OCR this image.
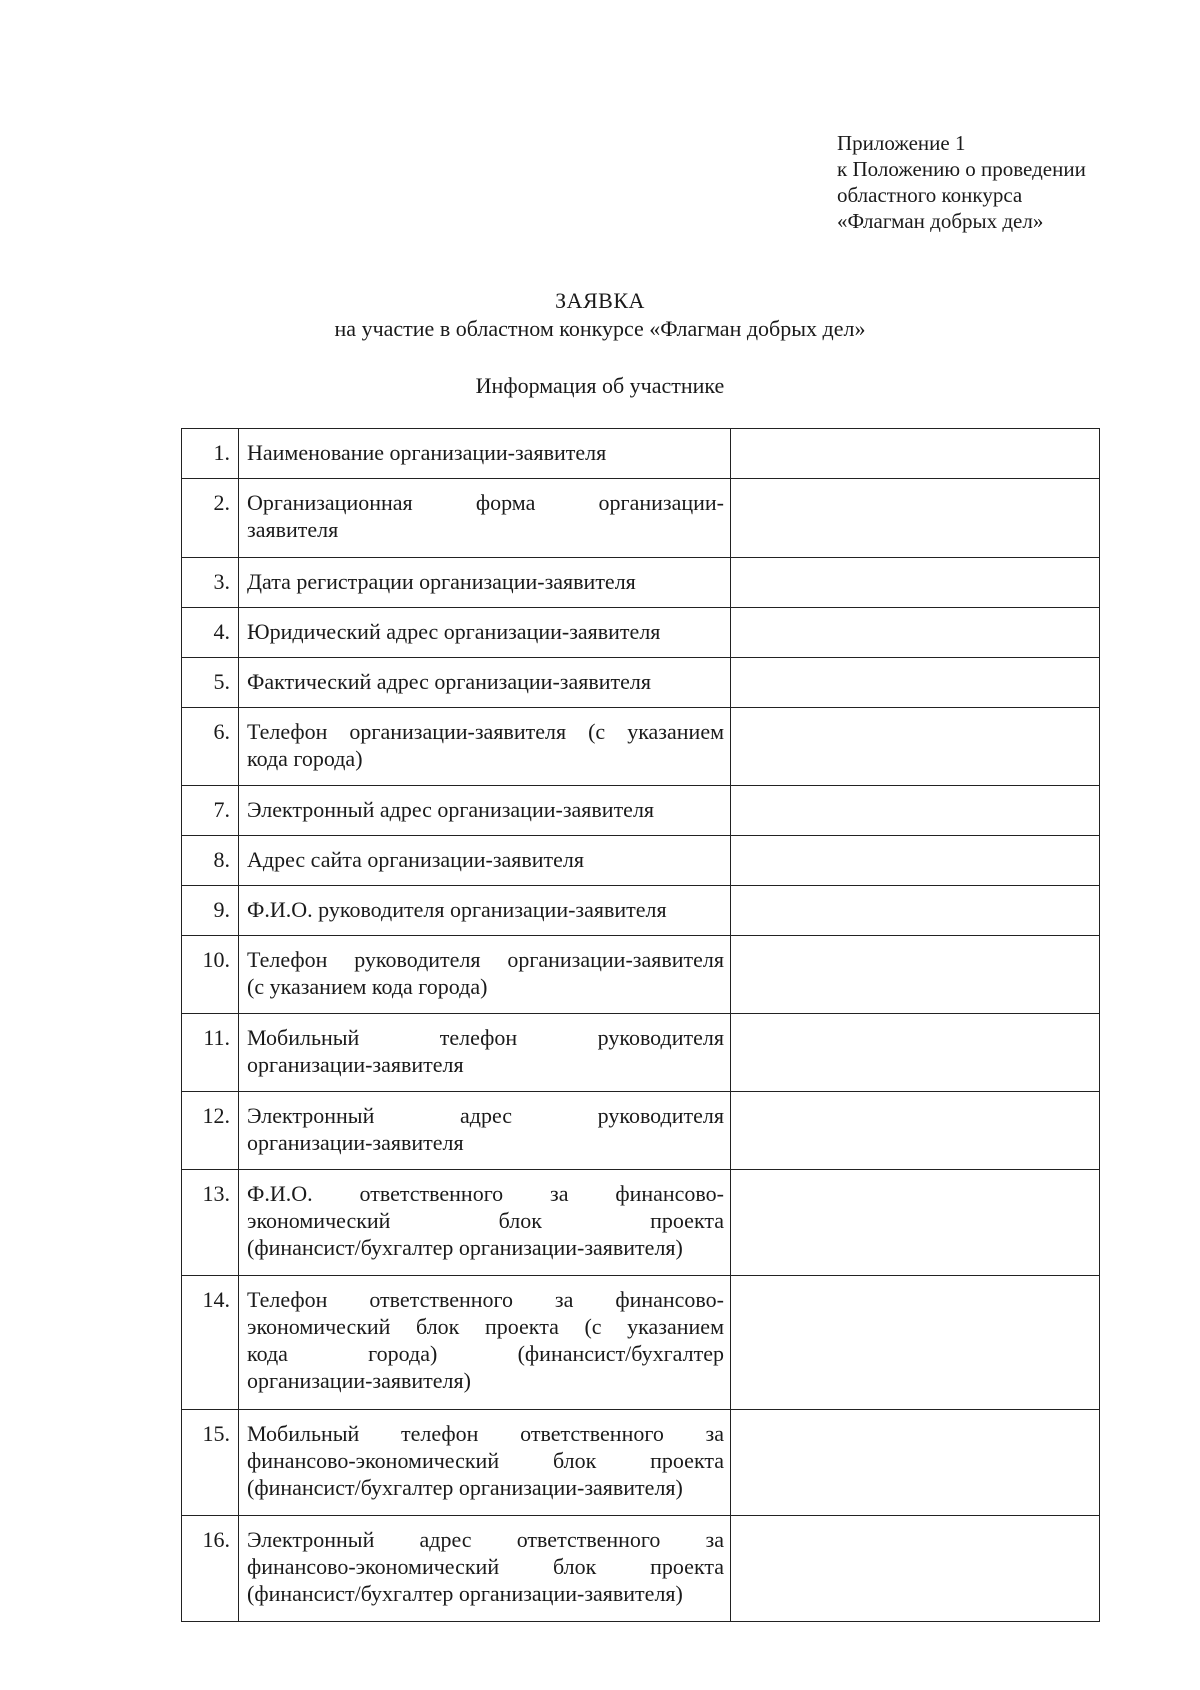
Приложение 1
к Положению о проведении
областного конкурса
«Флагман добрых дел»
ЗАЯВКА
на участие в областном конкурсе «Флагман добрых дел»
Информация об участнике
1.	Наименование организации-заявителя	

2.	Организационная форма организации-
заявителя	

3.	Дата регистрации организации-заявителя	

4.	Юридический адрес организации-заявителя	

5.	Фактический адрес организации-заявителя	

6.	Телефон организации-заявителя (с указанием
кода города)	

7.	Электронный адрес организации-заявителя	

8.	Адрес сайта организации-заявителя	

9.	Ф.И.О. руководителя организации-заявителя	

10.	Телефон руководителя организации-заявителя
(с указанием кода города)	

11.	Мобильный телефон руководителя
организации-заявителя	

12.	Электронный адрес руководителя
организации-заявителя	

13.	Ф.И.О. ответственного за финансово-
экономический блок проекта
(финансист/бухгалтер организации-заявителя)	

14.	Телефон ответственного за финансово-
экономический блок проекта (с указанием
кода города) (финансист/бухгалтер
организации-заявителя)	

15.	Мобильный телефон ответственного за
финансово-экономический блок проекта
(финансист/бухгалтер организации-заявителя)	

16.	Электронный адрес ответственного за
финансово-экономический блок проекта
(финансист/бухгалтер организации-заявителя)	
